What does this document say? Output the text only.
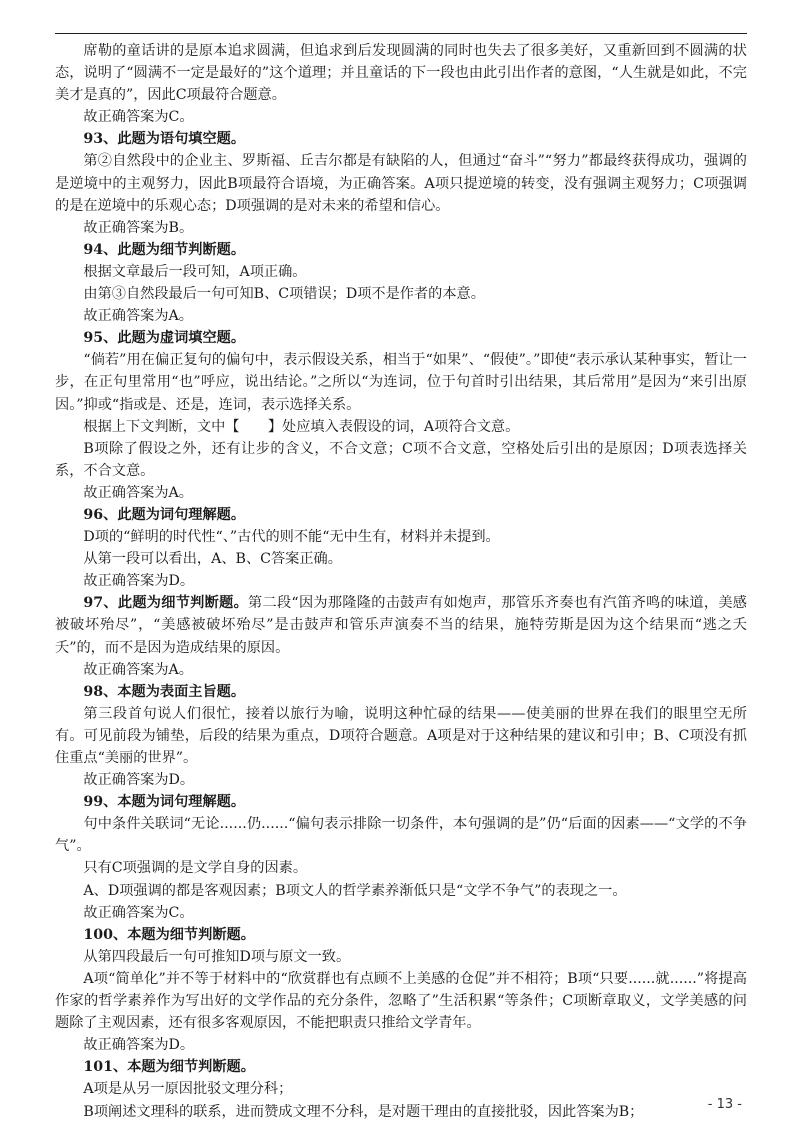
席勒的童话讲的是原本追求圆满，但追求到后发现圆满的同时也失去了很多美好，又重新回到不圆满的状态，说明了“圆满不一定是最好的”这个道理；并且童话的下一段也由此引出作者的意图，“人生就是如此，不完美才是真的”，因此C项最符合题意。

故正确答案为C。

93、此题为语句填空题。

第②自然段中的企业主、罗斯福、丘吉尔都是有缺陷的人，但通过“奋斗”“努力”都最终获得成功，强调的是逆境中的主观努力，因此B项最符合语境，为正确答案。A项只提逆境的转变，没有强调主观努力；C项强调的是在逆境中的乐观心态；D项强调的是对未来的希望和信心。

故正确答案为B。

94、此题为细节判断题。

根据文章最后一段可知，A项正确。

由第③自然段最后一句可知B、C项错误；D项不是作者的本意。

故正确答案为A。

95、此题为虚词填空题。

“倘若”用在偏正复句的偏句中，表示假设关系，相当于“如果”、“假使”。”即使“表示承认某种事实，暂让一步，在正句里常用“也”呼应，说出结论。”之所以“为连词，位于句首时引出结果，其后常用”是因为“来引出原因。”抑或“指或是、还是，连词，表示选择关系。

根据上下文判断，文中【　　】处应填入表假设的词，A项符合文意。

B项除了假设之外，还有让步的含义，不合文意；C项不合文意，空格处后引出的是原因；D项表选择关系，不合文意。

故正确答案为A。

96、此题为词句理解题。

D项的“鲜明的时代性“、”古代的则不能“无中生有，材料并未提到。

从第一段可以看出，A、B、C答案正确。

故正确答案为D。

97、此题为细节判断题。第二段“因为那隆隆的击鼓声有如炮声，那管乐齐奏也有汽笛齐鸣的味道，美感被破坏殆尽”，“美感被破坏殆尽”是击鼓声和管乐声演奏不当的结果，施特劳斯是因为这个结果而“逃之夭夭”的，而不是因为造成结果的原因。

故正确答案为A。

98、本题为表面主旨题。

第三段首句说人们很忙，接着以旅行为喻，说明这种忙碌的结果——使美丽的世界在我们的眼里空无所有。可见前段为铺垫，后段的结果为重点，D项符合题意。A项是对于这种结果的建议和引申；B、C项没有抓住重点“美丽的世界”。

故正确答案为D。

99、本题为词句理解题。

句中条件关联词“无论......仍......“偏句表示排除一切条件，本句强调的是”仍“后面的因素——“文学的不争气”。

只有C项强调的是文学自身的因素。

A、D项强调的都是客观因素；B项文人的哲学素养渐低只是“文学不争气”的表现之一。

故正确答案为C。

100、本题为细节判断题。

从第四段最后一句可推知D项与原文一致。

A项“简单化”并不等于材料中的“欣赏群也有点顾不上美感的仓促”并不相符；B项“只要......就......”将提高作家的哲学素养作为写出好的文学作品的充分条件，忽略了”生活积累“等条件；C项断章取义，文学美感的问题除了主观因素，还有很多客观原因，不能把职责只推给文学青年。

故正确答案为D。

101、本题为细节判断题。

A项是从另一原因批驳文理分科；

B项阐述文理科的联系，进而赞成文理不分科，是对题干理由的直接批驳，因此答案为B；	- 13 -
